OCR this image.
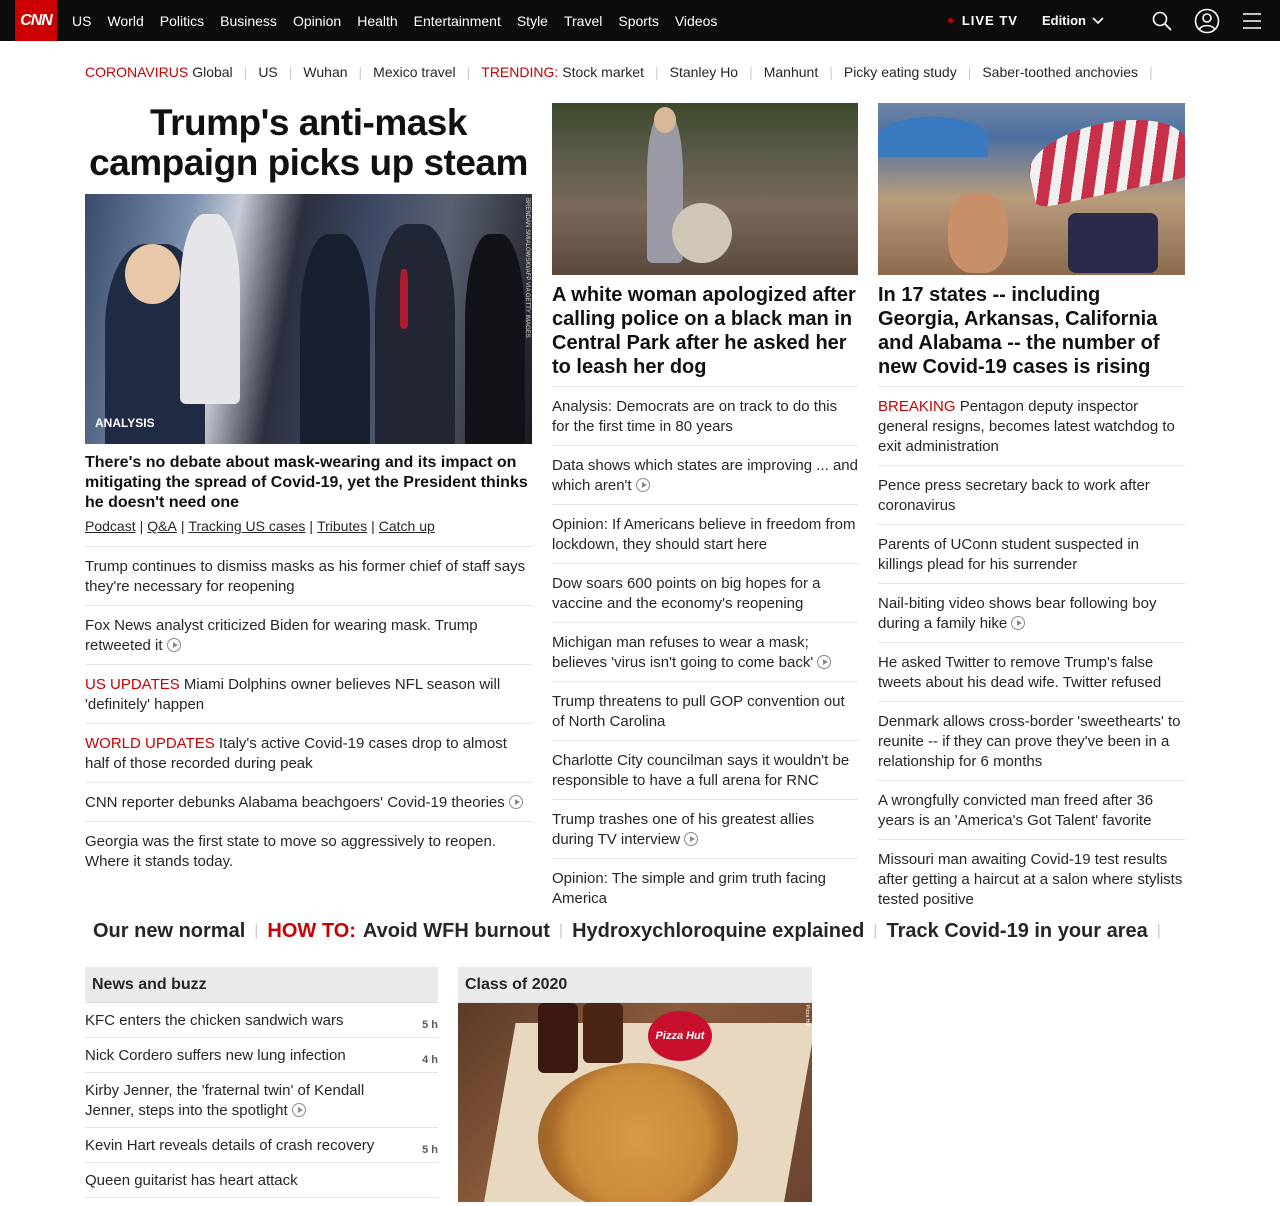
CNN	US	World	Politics	Business	Opinion	Health	Entertainment	Style	Travel	Sports	Videos	LIVE TV Edition
CORONAVIRUS Global | US | Wuhan | Mexico travel | TRENDING: Stock market | Stanley Ho | Manhunt | Picky eating study | Saber-toothed anchovies |
Trump's anti-mask campaign picks up steam
ANALYSIS
BRENDAN SMIALOWSKI/AFP VIA GETTY IMAGES
There's no debate about mask-wearing and its impact on mitigating the spread of Covid-19, yet the President thinks he doesn't need one
Podcast | Q&A | Tracking US cases | Tributes | Catch up
Trump continues to dismiss masks as his former chief of staff says they're necessary for reopening
Fox News analyst criticized Biden for wearing mask. Trump retweeted it
US UPDATES Miami Dolphins owner believes NFL season will 'definitely' happen
WORLD UPDATES Italy's active Covid-19 cases drop to almost half of those recorded during peak
CNN reporter debunks Alabama beachgoers' Covid-19 theories
Georgia was the first state to move so aggressively to reopen. Where it stands today.
A white woman apologized after calling police on a black man in Central Park after he asked her to leash her dog
Analysis: Democrats are on track to do this for the first time in 80 years
Data shows which states are improving ... and which aren't
Opinion: If Americans believe in freedom from lockdown, they should start here
Dow soars 600 points on big hopes for a vaccine and the economy's reopening
Michigan man refuses to wear a mask; believes 'virus isn't going to come back'
Trump threatens to pull GOP convention out of North Carolina
Charlotte City councilman says it wouldn't be responsible to have a full arena for RNC
Trump trashes one of his greatest allies during TV interview
Opinion: The simple and grim truth facing America
In 17 states -- including Georgia, Arkansas, California and Alabama -- the number of new Covid-19 cases is rising
BREAKING Pentagon deputy inspector general resigns, becomes latest watchdog to exit administration
Pence press secretary back to work after coronavirus
Parents of UConn student suspected in killings plead for his surrender
Nail-biting video shows bear following boy during a family hike
He asked Twitter to remove Trump's false tweets about his dead wife. Twitter refused
Denmark allows cross-border 'sweethearts' to reunite -- if they can prove they've been in a relationship for 6 months
A wrongfully convicted man freed after 36 years is an 'America's Got Talent' favorite
Missouri man awaiting Covid-19 test results after getting a haircut at a salon where stylists tested positive
Our new normal | HOW TO: Avoid WFH burnout | Hydroxychloroquine explained | Track Covid-19 in your area |
News and buzz
KFC enters the chicken sandwich wars	5 h
Nick Cordero suffers new lung infection	4 h
Kirby Jenner, the 'fraternal twin' of Kendall Jenner, steps into the spotlight
Kevin Hart reveals details of crash recovery	5 h
Queen guitarist has heart attack
Class of 2020
Pizza Hut
Pizza Hut
